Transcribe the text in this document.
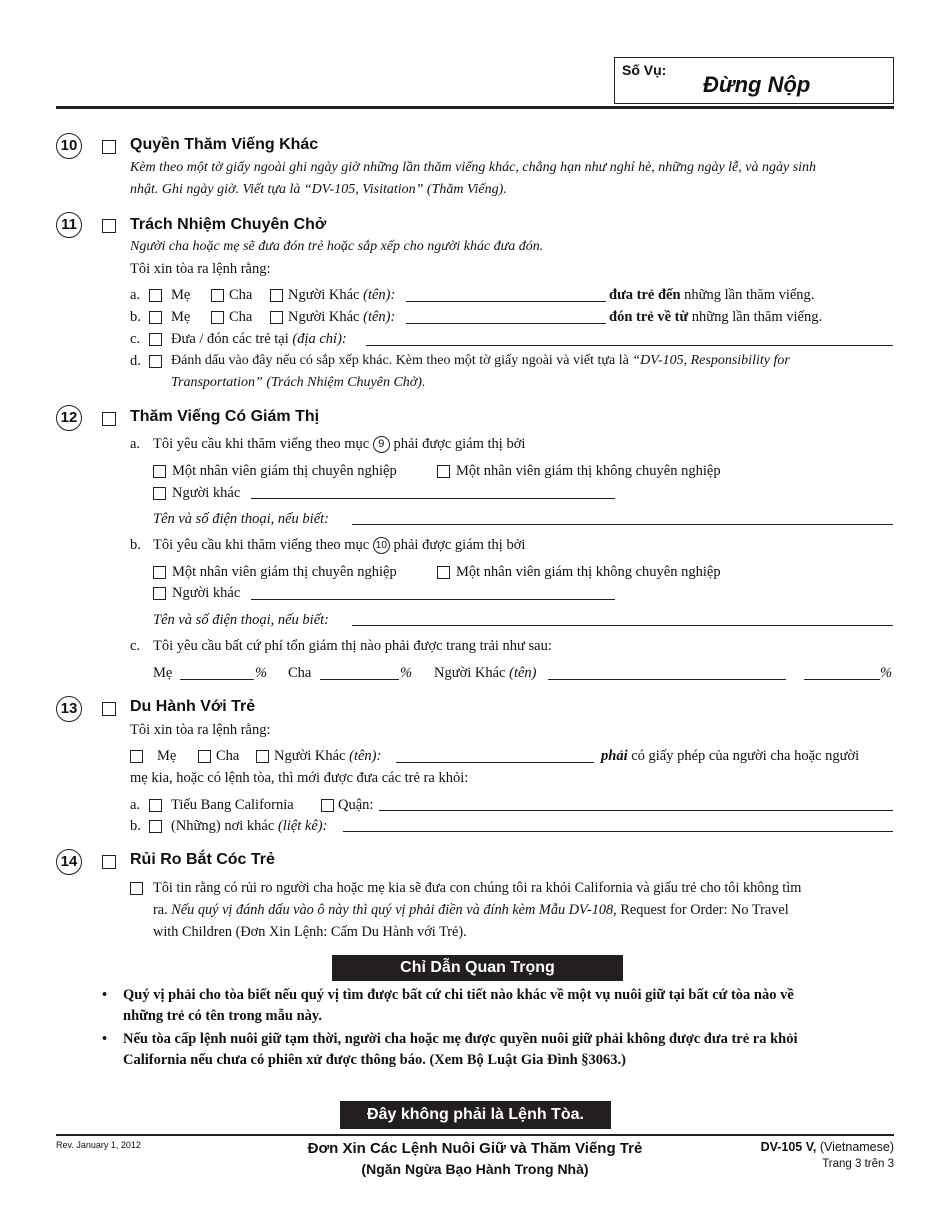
Số Vụ:
Đừng Nộp
10	Quyền Thăm Viếng Khác
Kèm theo một tờ giấy ngoài ghi ngày giờ những lần thăm viếng khác, chẳng hạn như nghỉ hè, những ngày lễ, và ngày sinh
nhật. Ghi ngày giờ. Viết tựa là “DV-105, Visitation” (Thăm Viếng).
11	Trách Nhiệm Chuyên Chở
Người cha hoặc mẹ sẽ đưa đón trẻ hoặc sắp xếp cho người khác đưa đón.
Tôi xin tòa ra lệnh rằng:
a. Mẹ	Cha Người Khác (tên):	đưa trẻ đến những lần thăm viếng.
b. Mẹ	Cha Người Khác (tên):	đón trẻ về từ những lần thăm viếng.
c. Đưa / đón các trẻ tại (địa chỉ):
d. Đánh dấu vào đây nếu có sắp xếp khác. Kèm theo một tờ giấy ngoài và viết tựa là “DV-105, Responsibility for
Transportation” (Trách Nhiệm Chuyên Chở).
12	Thăm Viếng Có Giám Thị
a. Tôi yêu cầu khi thăm viếng theo mục 9 phải được giám thị bởi
Một nhân viên giám thị chuyên nghiệp	Một nhân viên giám thị không chuyên nghiệp
Người khác
Tên và số điện thoại, nếu biết:
b. Tôi yêu cầu khi thăm viếng theo mục 10 phải được giám thị bởi
Một nhân viên giám thị chuyên nghiệp	Một nhân viên giám thị không chuyên nghiệp
Người khác
Tên và số điện thoại, nếu biết:
c. Tôi yêu cầu bất cứ phí tổn giám thị nào phải được trang trải như sau:
Mẹ	% Cha	% Người Khác (tên)	%
13	Du Hành Với Trẻ
Tôi xin tòa ra lệnh rằng:
Mẹ	Cha Người Khác (tên):	phải có giấy phép của người cha hoặc người
mẹ kia, hoặc có lệnh tòa, thì mới được đưa các trẻ ra khỏi:
a. Tiểu Bang California	Quận:
b. (Những) nơi khác (liệt kê):
14	Rủi Ro Bắt Cóc Trẻ
Tôi tin rằng có rủi ro người cha hoặc mẹ kia sẽ đưa con chúng tôi ra khỏi California và giấu trẻ cho tôi không tìm
ra. Nếu quý vị đánh dấu vào ô này thì quý vị phải điền và đính kèm Mẫu DV-108, Request for Order: No Travel
with Children (Đơn Xin Lệnh: Cấm Du Hành với Trẻ).
Chỉ Dẫn Quan Trọng
• Quý vị phải cho tòa biết nếu quý vị tìm được bất cứ chi tiết nào khác về một vụ nuôi giữ tại bất cứ tòa nào về
những trẻ có tên trong mẫu này.
• Nếu tòa cấp lệnh nuôi giữ tạm thời, người cha hoặc mẹ được quyền nuôi giữ phải không được đưa trẻ ra khỏi
California nếu chưa có phiên xử được thông báo. (Xem Bộ Luật Gia Đình §3063.)
Đây không phải là Lệnh Tòa.
Rev. January 1, 2012	Đơn Xin Các Lệnh Nuôi Giữ và Thăm Viếng Trẻ
(Ngăn Ngừa Bạo Hành Trong Nhà)
DV-105 V, (Vietnamese)
Trang 3 trên 3
